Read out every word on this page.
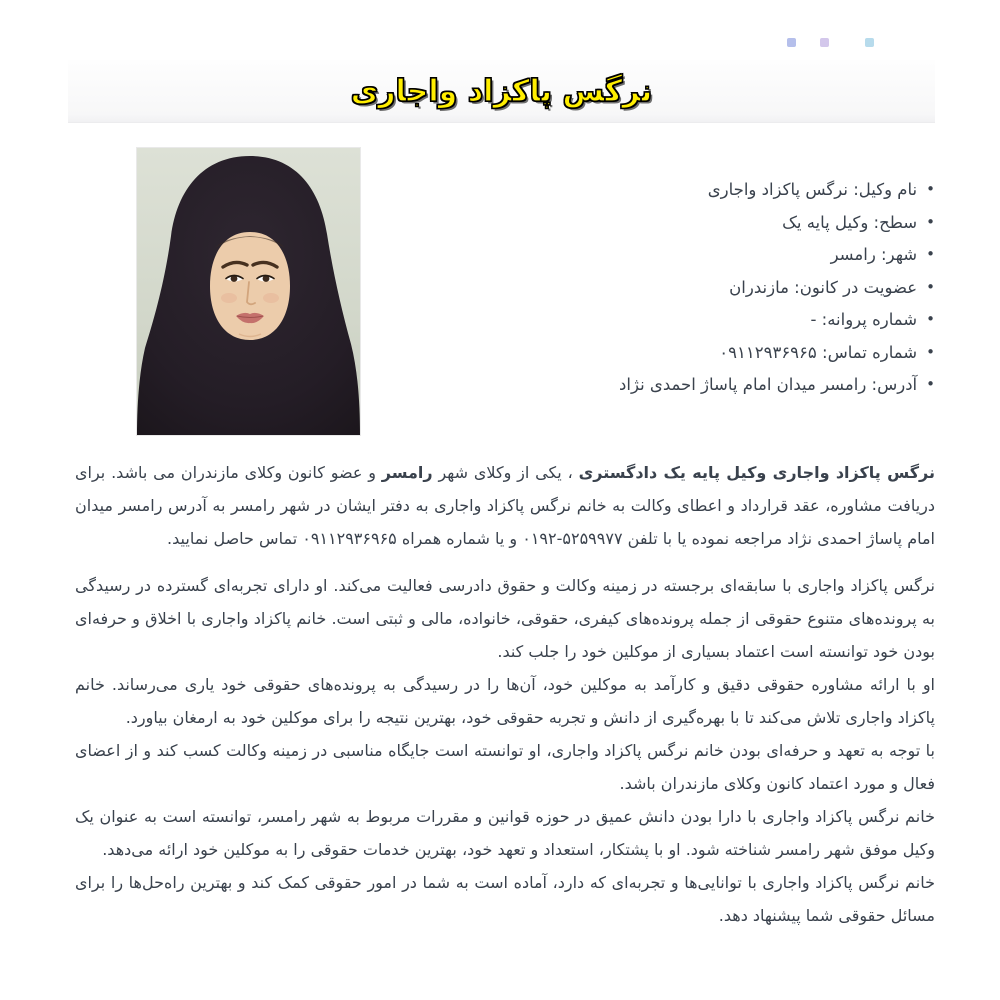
نرگس پاکزاد واجاری
• نام وکیل: نرگس پاکزاد واجاری
• سطح: وکیل پایه یک
• شهر: رامسر
• عضویت در کانون: مازندران
• شماره پروانه: -
• شماره تماس: ۰۹۱۱۲۹۳۶۹۶۵
• آدرس: رامسر میدان امام پاساژ احمدی نژاد

نرگس پاکزاد واجاری وکیل پایه یک دادگستری ، یکی از وکلای شهر رامسر و عضو کانون وکلای مازندران می باشد. برای دریافت مشاوره، عقد قرارداد و اعطای وکالت به خانم نرگس پاکزاد واجاری به دفتر ایشان در شهر رامسر به آدرس رامسر میدان امام پاساژ احمدی نژاد مراجعه نموده یا با تلفن ۵۲۵۹۹۷۷-۰۱۹۲ و یا شماره همراه ۰۹۱۱۲۹۳۶۹۶۵ تماس حاصل نمایید.

نرگس پاکزاد واجاری با سابقه‌ای برجسته در زمینه وکالت و حقوق دادرسی فعالیت می‌کند. او دارای تجربه‌ای گسترده در رسیدگی به پرونده‌های متنوع حقوقی از جمله پرونده‌های کیفری، حقوقی، خانواده، مالی و ثبتی است. خانم پاکزاد واجاری با اخلاق و حرفه‌ای بودن خود توانسته است اعتماد بسیاری از موکلین خود را جلب کند.

او با ارائه مشاوره حقوقی دقیق و کارآمد به موکلین خود، آن‌ها را در رسیدگی به پرونده‌های حقوقی خود یاری می‌رساند. خانم پاکزاد واجاری تلاش می‌کند تا با بهره‌گیری از دانش و تجربه حقوقی خود، بهترین نتیجه را برای موکلین خود به ارمغان بیاورد.

با توجه به تعهد و حرفه‌ای بودن خانم نرگس پاکزاد واجاری، او توانسته است جایگاه مناسبی در زمینه وکالت کسب کند و از اعضای فعال و مورد اعتماد کانون وکلای مازندران باشد.

خانم نرگس پاکزاد واجاری با دارا بودن دانش عمیق در حوزه قوانین و مقررات مربوط به شهر رامسر، توانسته است به عنوان یک وکیل موفق شهر رامسر شناخته شود. او با پشتکار، استعداد و تعهد خود، بهترین خدمات حقوقی را به موکلین خود ارائه می‌دهد.

خانم نرگس پاکزاد واجاری با توانایی‌ها و تجربه‌ای که دارد، آماده است به شما در امور حقوقی کمک کند و بهترین راه‌حل‌ها را برای مسائل حقوقی شما پیشنهاد دهد.
